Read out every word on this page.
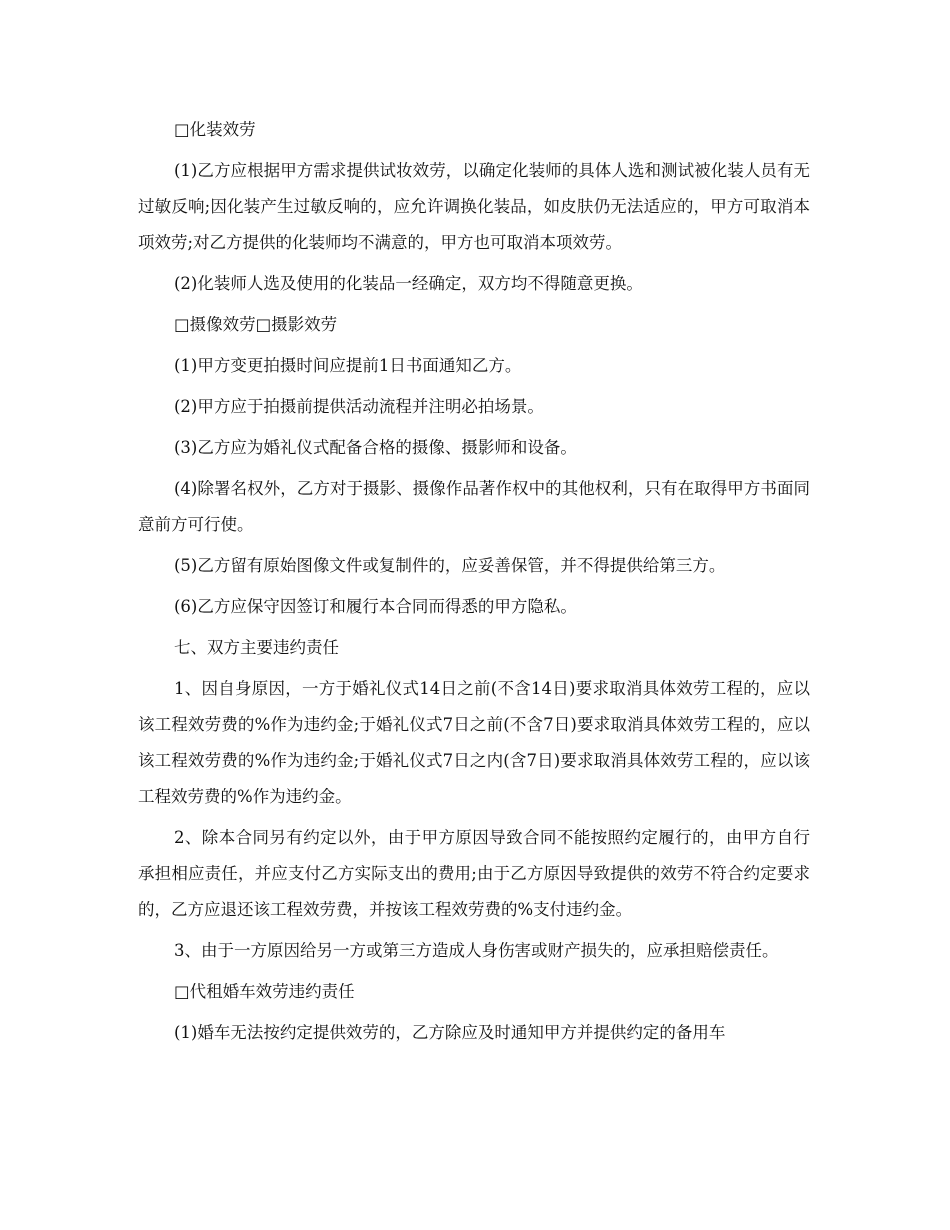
□化装效劳

(1)乙方应根据甲方需求提供试妆效劳，以确定化装师的具体人选和测试被化装人员有无过敏反响;因化装产生过敏反响的，应允许调换化装品，如皮肤仍无法适应的，甲方可取消本项效劳;对乙方提供的化装师均不满意的，甲方也可取消本项效劳。

(2)化装师人选及使用的化装品一经确定，双方均不得随意更换。

□摄像效劳□摄影效劳

(1)甲方变更拍摄时间应提前1日书面通知乙方。

(2)甲方应于拍摄前提供活动流程并注明必拍场景。

(3)乙方应为婚礼仪式配备合格的摄像、摄影师和设备。

(4)除署名权外，乙方对于摄影、摄像作品著作权中的其他权利，只有在取得甲方书面同意前方可行使。

(5)乙方留有原始图像文件或复制件的，应妥善保管，并不得提供给第三方。

(6)乙方应保守因签订和履行本合同而得悉的甲方隐私。

七、双方主要违约责任

1、因自身原因，一方于婚礼仪式14日之前(不含14日)要求取消具体效劳工程的，应以该工程效劳费的%作为违约金;于婚礼仪式7日之前(不含7日)要求取消具体效劳工程的，应以该工程效劳费的%作为违约金;于婚礼仪式7日之内(含7日)要求取消具体效劳工程的，应以该工程效劳费的%作为违约金。

2、除本合同另有约定以外，由于甲方原因导致合同不能按照约定履行的，由甲方自行承担相应责任，并应支付乙方实际支出的费用;由于乙方原因导致提供的效劳不符合约定要求的，乙方应退还该工程效劳费，并按该工程效劳费的%支付违约金。

3、由于一方原因给另一方或第三方造成人身伤害或财产损失的，应承担赔偿责任。

□代租婚车效劳违约责任

(1)婚车无法按约定提供效劳的，乙方除应及时通知甲方并提供约定的备用车
